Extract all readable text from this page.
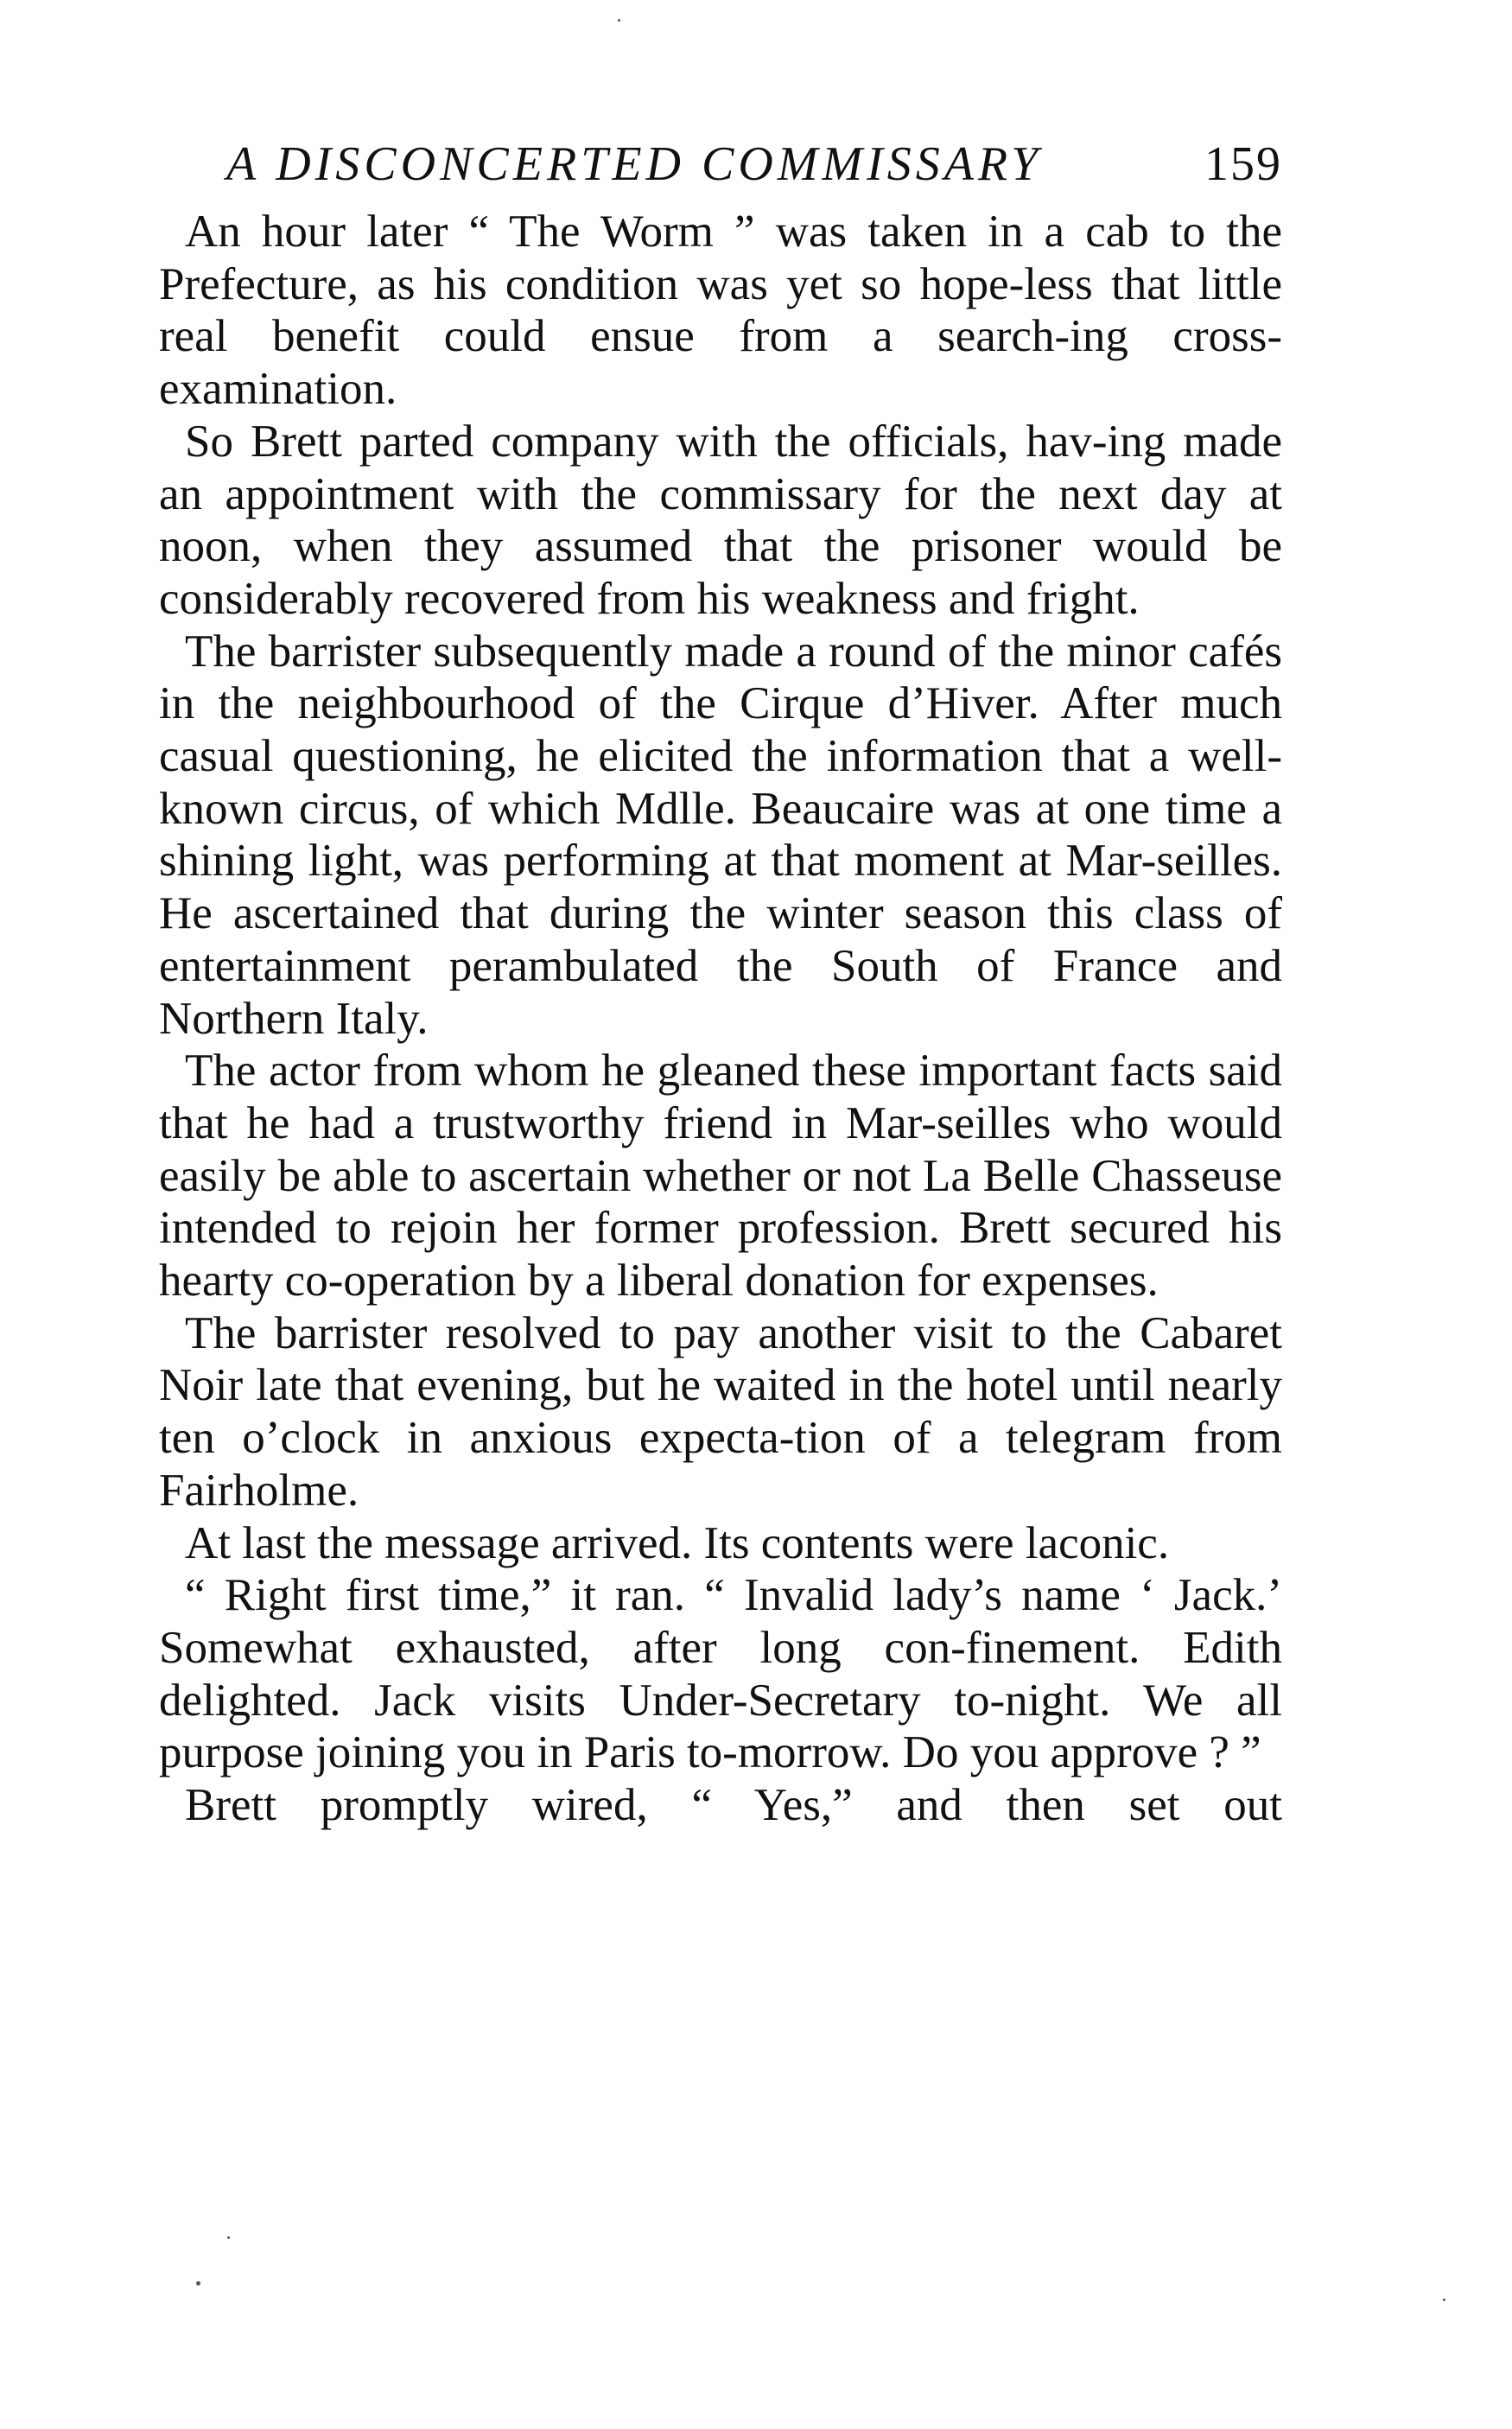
A DISCONCERTED COMMISSARY	159

An hour later “ The Worm ” was taken in a cab to the Prefecture, as his condition was yet so hope-less that little real benefit could ensue from a search-ing cross-examination.

So Brett parted company with the officials, hav-ing made an appointment with the commissary for the next day at noon, when they assumed that the prisoner would be considerably recovered from his weakness and fright.

The barrister subsequently made a round of the minor cafés in the neighbourhood of the Cirque d’Hiver. After much casual questioning, he elicited the information that a well-known circus, of which Mdlle. Beaucaire was at one time a shining light, was performing at that moment at Mar-seilles. He ascertained that during the winter season this class of entertainment perambulated the South of France and Northern Italy.

The actor from whom he gleaned these important facts said that he had a trustworthy friend in Mar-seilles who would easily be able to ascertain whether or not La Belle Chasseuse intended to rejoin her former profession. Brett secured his hearty co-operation by a liberal donation for expenses.

The barrister resolved to pay another visit to the Cabaret Noir late that evening, but he waited in the hotel until nearly ten o’clock in anxious expecta-tion of a telegram from Fairholme.

At last the message arrived. Its contents were laconic.

“ Right first time,” it ran. “ Invalid lady’s name ‘ Jack.’ Somewhat exhausted, after long con-finement. Edith delighted. Jack visits Under-Secretary to-night. We all purpose joining you in Paris to-morrow. Do you approve ? ”

Brett promptly wired, “ Yes,” and then set out
